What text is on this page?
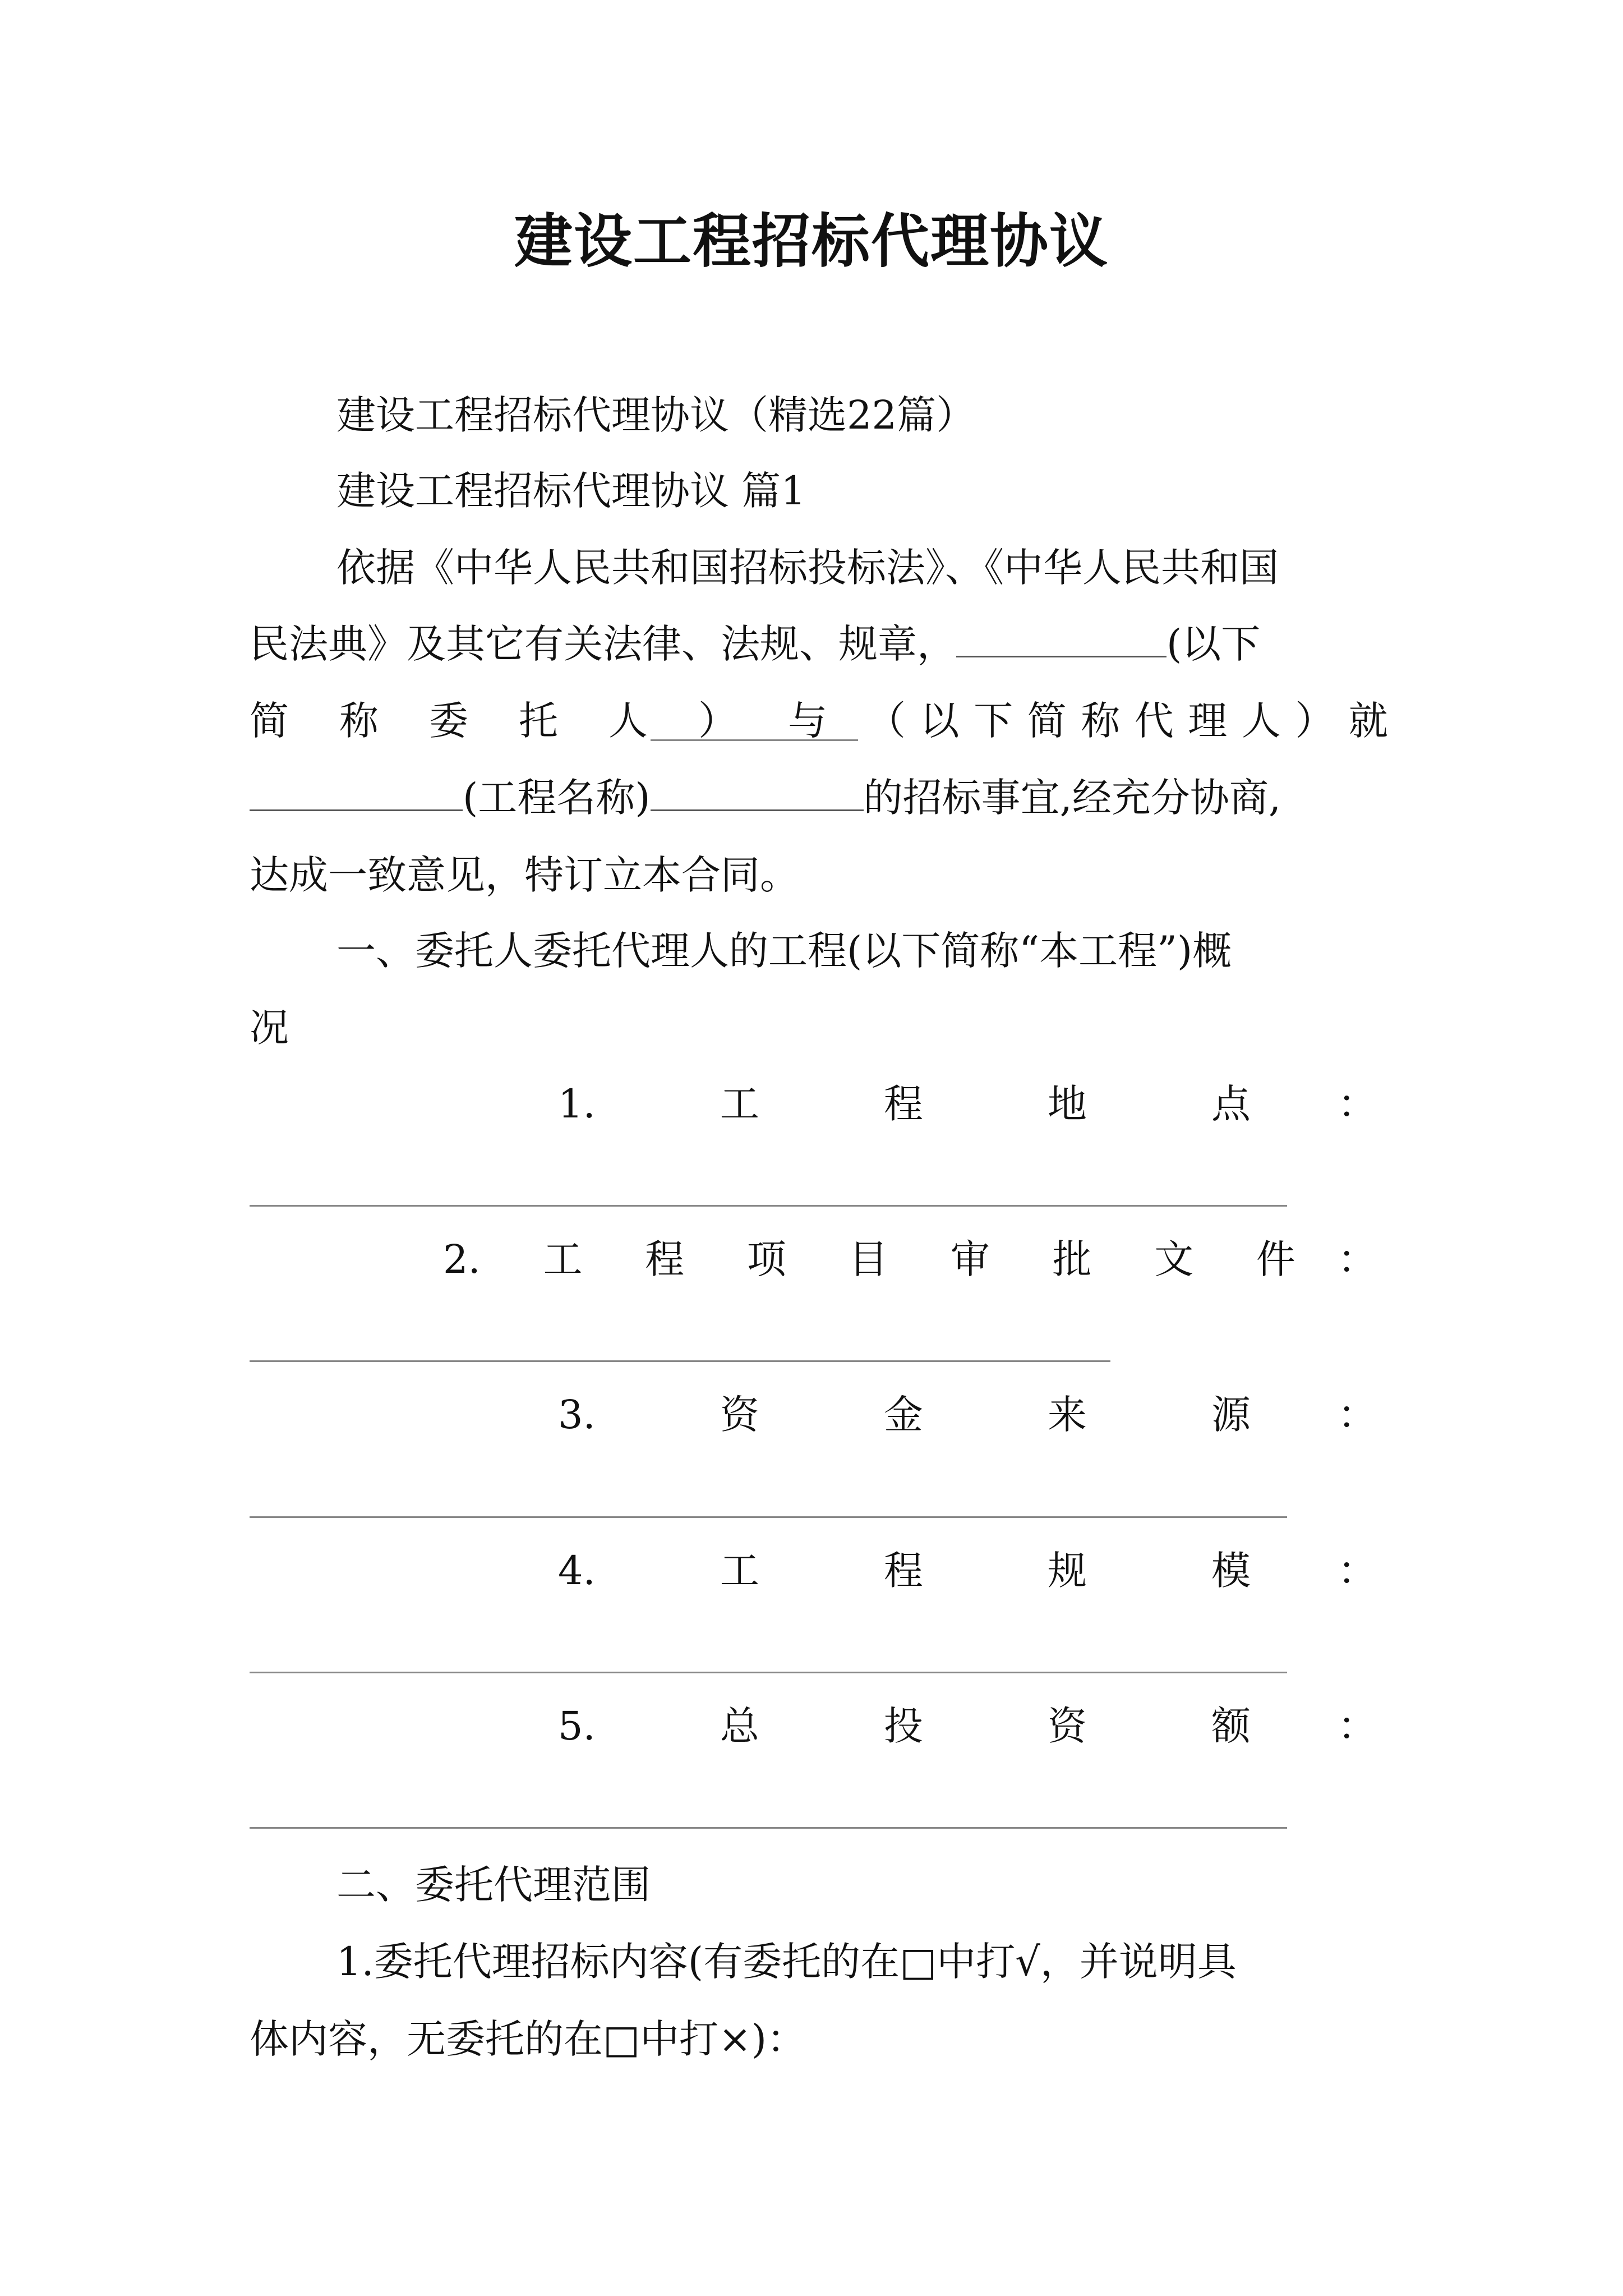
建设工程招标代理协议
建设工程招标代理协议（精选22篇）
建设工程招标代理协议 篇1
依据《中华人民共和国招标投标法》、《中华人民共和国
民法典》及其它有关法律、法规、规章，	(以下
简 称 委 托 人 ） 与 （ 以 下 简 称 代 理 人 ） 就
(工程名称)	的招标事宜,经充分协商,
达成一致意见，特订立本合同。
一、委托人委托代理人的工程(以下简称“本工程”)概
况
1.	工	程	地	点 ：
2. 工 程 项 目 审 批 文 件 ：
3.	资	金	来	源 ：
4.	工	程	规	模 ：
5.	总	投	资	额 ：
二、委托代理范围
1.委托代理招标内容(有委托的在□中打√，并说明具
体内容，无委托的在□中打×)：
